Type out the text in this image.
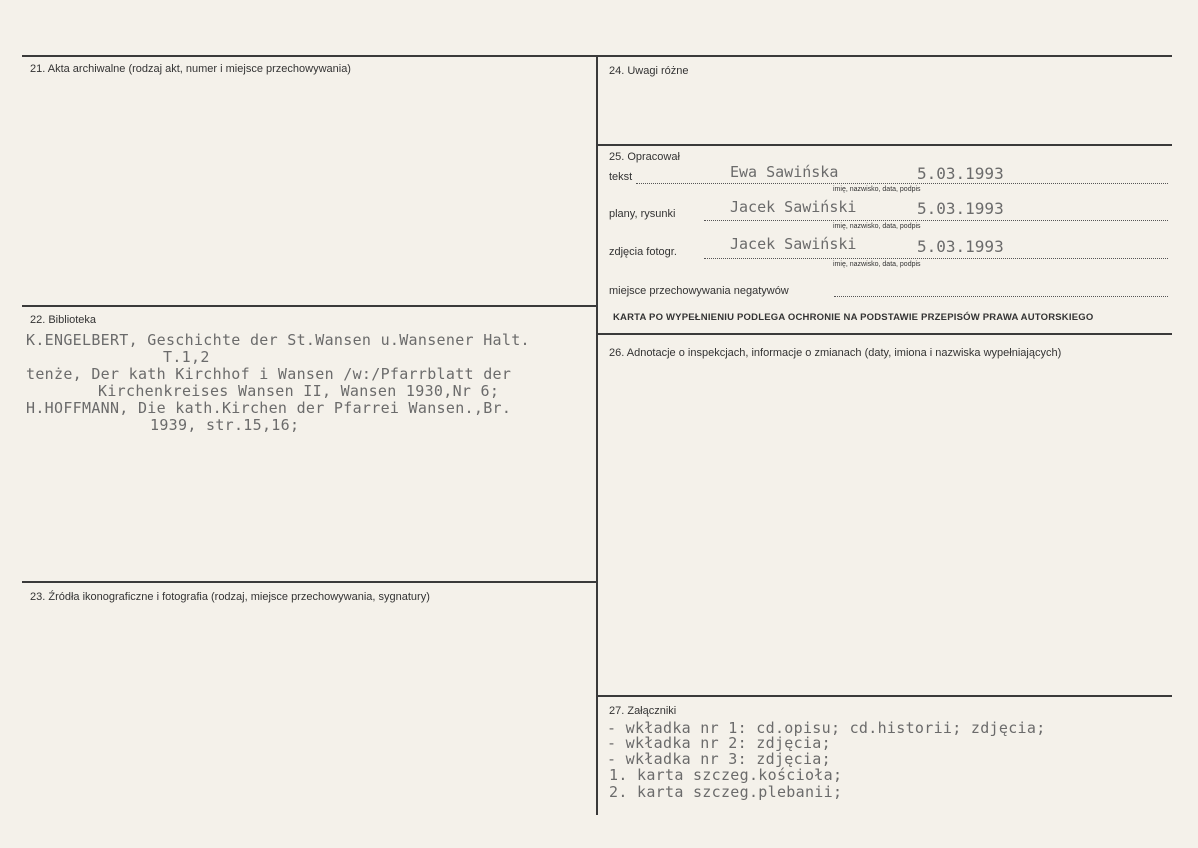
21. Akta archiwalne (rodzaj akt, numer i miejsce przechowywania)
22. Biblioteka
K.ENGELBERT, Geschichte der St.Wansen u.Wansener Halt.
T.1,2
tenże, Der kath Kirchhof i Wansen /w:/Pfarrblatt der
Kirchenkreises Wansen II, Wansen 1930,Nr 6;
H.HOFFMANN, Die kath.Kirchen der Pfarrei Wansen.,Br.
1939, str.15,16;
23. Źródła ikonograficzne i fotografia (rodzaj, miejsce przechowywania, sygnatury)
24. Uwagi różne
25. Opracował
tekst	Ewa Sawińska	5.03.1993
imię, nazwisko, data, podpis
plany, rysunki	Jacek Sawiński	5.03.1993
imię, nazwisko, data, podpis
zdjęcia fotogr.	Jacek Sawiński	5.03.1993
imię, nazwisko, data, podpis
miejsce przechowywania negatywów
KARTA PO WYPEŁNIENIU PODLEGA OCHRONIE NA PODSTAWIE PRZEPISÓW PRAWA AUTORSKIEGO
26. Adnotacje o inspekcjach, informacje o zmianach (daty, imiona i nazwiska wypełniających)
27. Załączniki
- wkładka nr 1: cd.opisu; cd.historii; zdjęcia;
- wkładka nr 2: zdjęcia;
- wkładka nr 3: zdjęcia;
1. karta szczeg.kościoła;
2. karta szczeg.plebanii;
